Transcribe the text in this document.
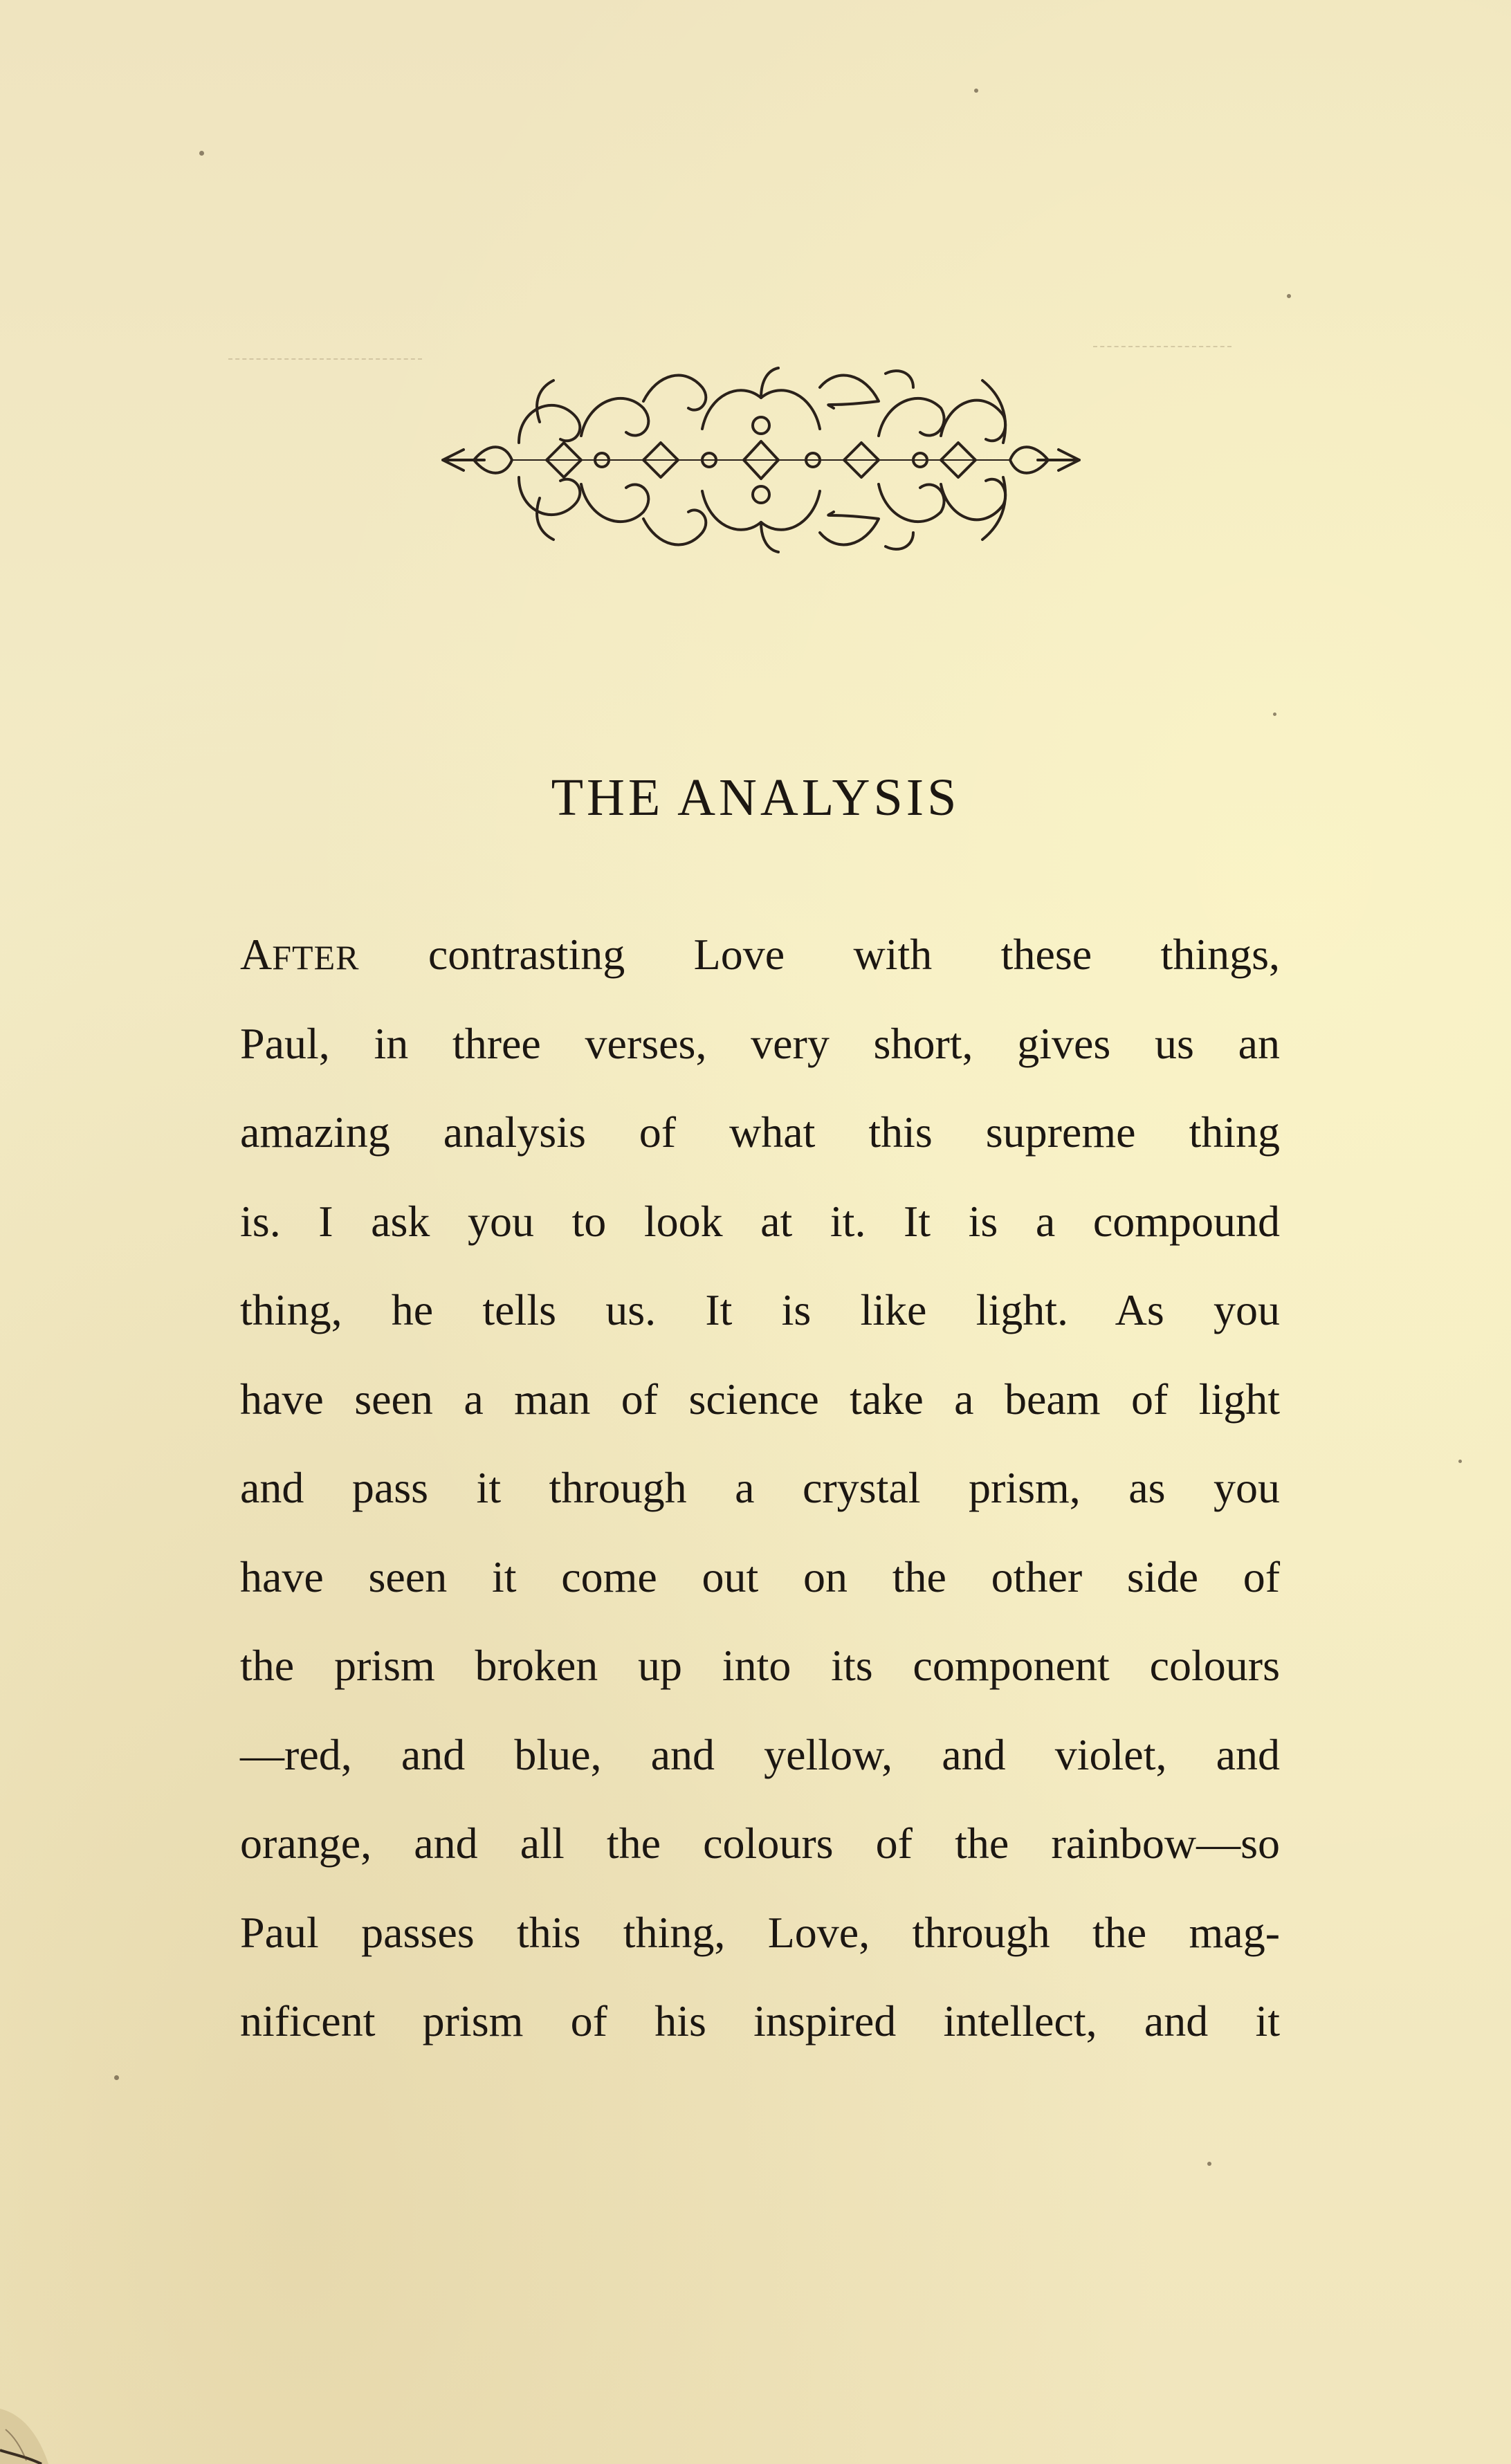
THE ANALYSIS
AFTER contrasting Love with these things,
Paul, in three verses, very short, gives us an
amazing analysis of what this supreme thing
is. I ask you to look at it. It is a compound
thing, he tells us. It is like light. As you
have seen a man of science take a beam of light
and pass it through a crystal prism, as you
have seen it come out on the other side of
the prism broken up into its component colours
—red, and blue, and yellow, and violet, and
orange, and all the colours of the rainbow—so
Paul passes this thing, Love, through the mag-
nificent prism of his inspired intellect, and it
